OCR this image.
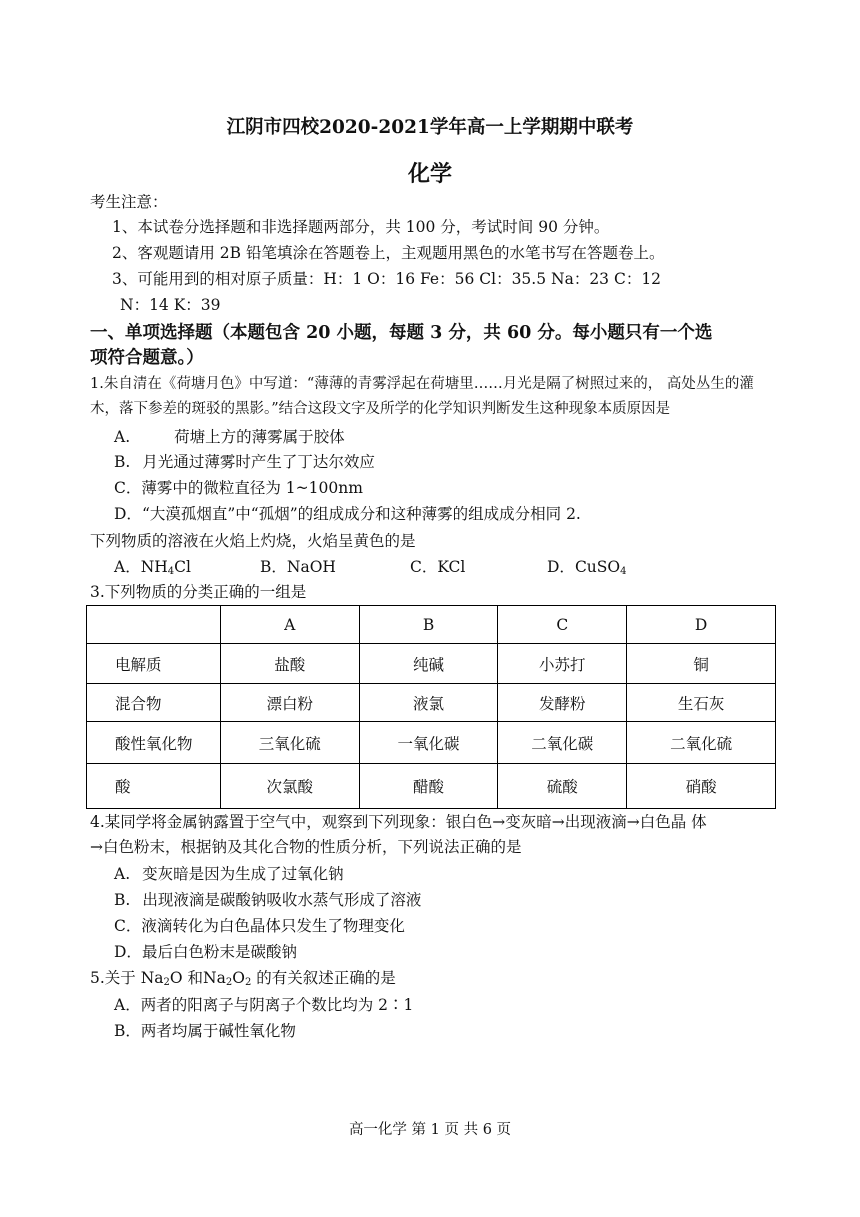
江阴市四校2020-2021学年高一上学期期中联考
化学
考生注意：
1、本试卷分选择题和非选择题两部分，共 100 分，考试时间 90 分钟。
2、客观题请用 2B 铅笔填涂在答题卷上，主观题用黑色的水笔书写在答题卷上。
3、可能用到的相对原子质量：H：1 O：16 Fe：56 Cl：35.5 Na：23 C：12
N：14 K：39
一、单项选择题（本题包含 20 小题，每题 3 分，共 60 分。每小题只有一个选
项符合题意。）
1.朱自清在《荷塘月色》中写道：“薄薄的青雾浮起在荷塘里……月光是隔了树照过来的， 高处丛生的灌
木，落下参差的斑驳的黑影。”结合这段文字及所学的化学知识判断发生这种现象本质原因是
A.	荷塘上方的薄雾属于胶体
B. 月光通过薄雾时产生了丁达尔效应
C．薄雾中的微粒直径为 1~100nm
D．“大漠孤烟直”中“孤烟”的组成成分和这种薄雾的组成成分相同 2.
下列物质的溶液在火焰上灼烧，火焰呈黄色的是
A．$NH_4Cl$	B．NaOH	C．KCl	D．CuSO$_4$
3.下列物质的分类正确的一组是
	A	B	C	D
电解质	盐酸	纯碱	小苏打	铜
混合物	漂白粉	液氯	发酵粉	生石灰
酸性氧化物	三氧化硫	一氧化碳	二氧化碳	二氧化硫
酸	次氯酸	醋酸	硫酸	硝酸
4.某同学将金属钠露置于空气中，观察到下列现象：银白色→变灰暗→出现液滴→白色晶 体
→白色粉末，根据钠及其化合物的性质分析，下列说法正确的是
A. 变灰暗是因为生成了过氧化钠
B. 出现液滴是碳酸钠吸收水蒸气形成了溶液
C．液滴转化为白色晶体只发生了物理变化
D．最后白色粉末是碳酸钠
5.关于 $Na_2O$ 和$Na_2O_2$ 的有关叙述正确的是
A．两者的阳离子与阴离子个数比均为 2∶1
B．两者均属于碱性氧化物
高一化学 第 1 页 共 6 页
